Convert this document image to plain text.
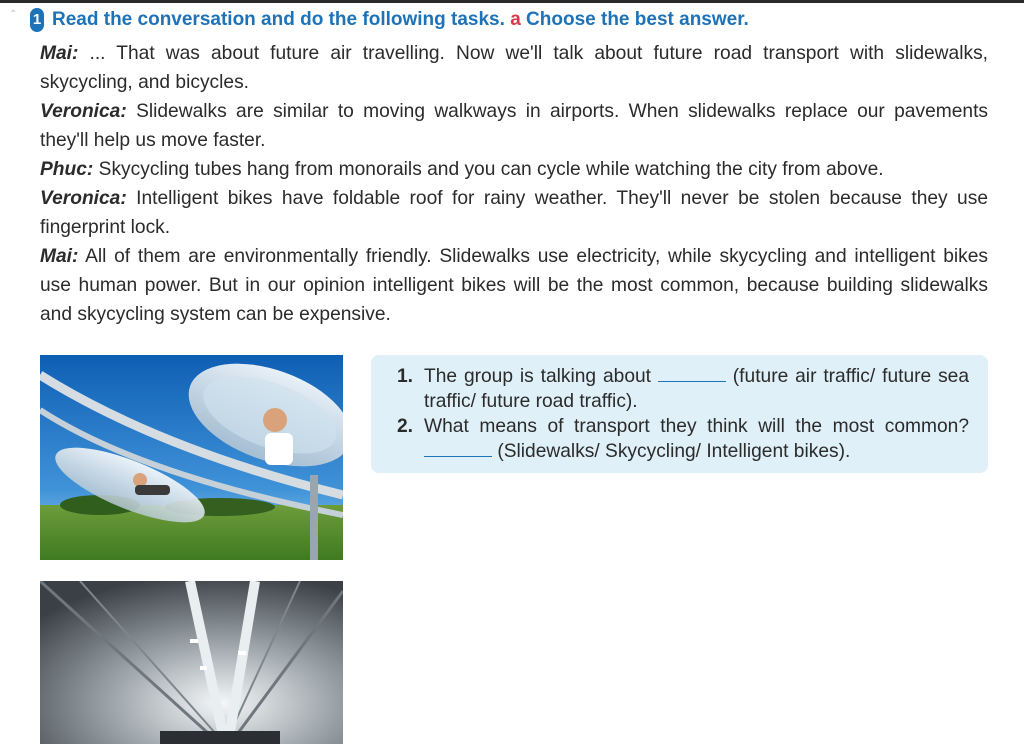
⌃ 1 Read the conversation and do the following tasks. a Choose the best answer.

Mai: ... That was about future air travelling. Now we'll talk about future road transport with slidewalks, skycycling, and bicycles.

Veronica: Slidewalks are similar to moving walkways in airports. When slidewalks replace our pavements they'll help us move faster.

Phuc: Skycycling tubes hang from monorails and you can cycle while watching the city from above.

Veronica: Intelligent bikes have foldable roof for rainy weather. They'll never be stolen because they use fingerprint lock.

Mai: All of them are environmentally friendly. Slidewalks use electricity, while skycycling and intelligent bikes use human power. But in our opinion intelligent bikes will be the most common, because building slidewalks and skycycling system can be expensive.

1. The group is talking about	(future air traffic/ future sea traffic/ future road traffic).

2. What means of transport they think will the most common?  (Slidewalks/ Skycycling/ Intelligent bikes).
